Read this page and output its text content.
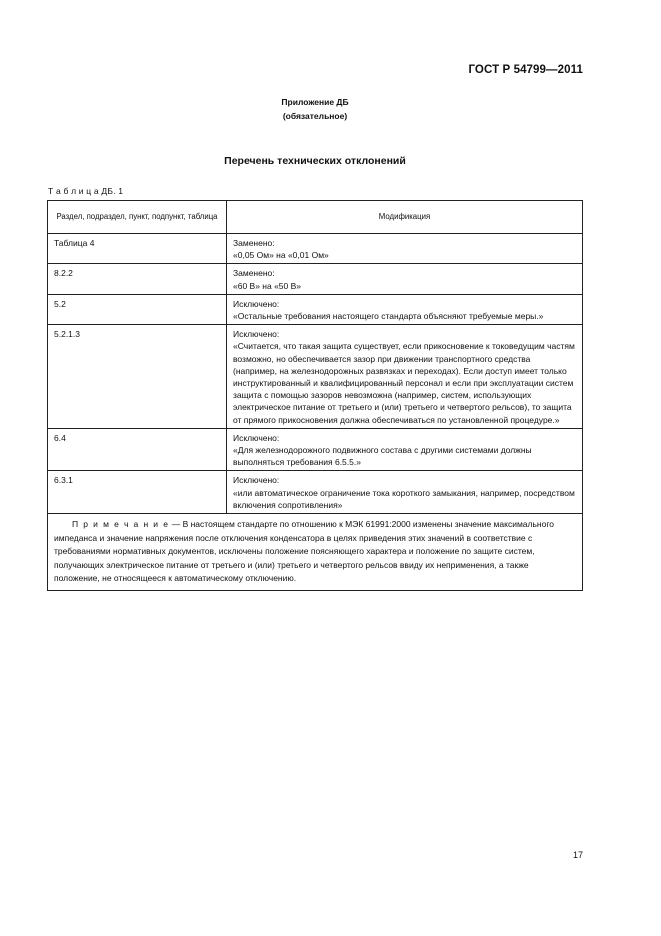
ГОСТ Р 54799—2011
Приложение ДБ
(обязательное)
Перечень технических отклонений
Т а б л и ц а ДБ. 1
Раздел, подраздел, пункт, подпункт, таблица	Модификация
Таблица 4	Заменено:
«0,05 Ом» на «0,01 Ом»

8.2.2	Заменено:
«60 В» на «50 В»

5.2	Исключено:
«Остальные требования настоящего стандарта объясняют требуемые меры.»

5.2.1.3	Исключено:
«Считается, что такая защита существует, если прикосновение к токоведущим частям возможно, но обеспечивается зазор при движении транспортного средства (например, на железнодорожных развязках и переходах). Если доступ имеет только инструктированный и квалифицированный персонал и если при эксплуатации систем защита с помощью зазоров невозможна (например, систем, использующих электрическое питание от третьего и (или) третьего и четвертого рельсов), то защита от прямого прикосновения должна обеспечиваться по установленной процедуре.»

6.4	Исключено:
«Для железнодорожного подвижного состава с другими системами должны выполняться требования 6.5.5.»

6.3.1	Исключено:
«или автоматическое ограничение тока короткого замыкания, например, посредством включения сопротивления»

П р и м е ч а н и е — В настоящем стандарте по отношению к МЭК 61991:2000 изменены значение максимального импеданса и значение напряжения после отключения конденсатора в целях приведения этих значений в соответствие с требованиями нормативных документов, исключены положение поясняющего характера и положение по защите систем, получающих электрическое питание от третьего и (или) третьего и четвертого рельсов ввиду их неприменения, а также положение, не относящееся к автоматическому отключению.	
17
